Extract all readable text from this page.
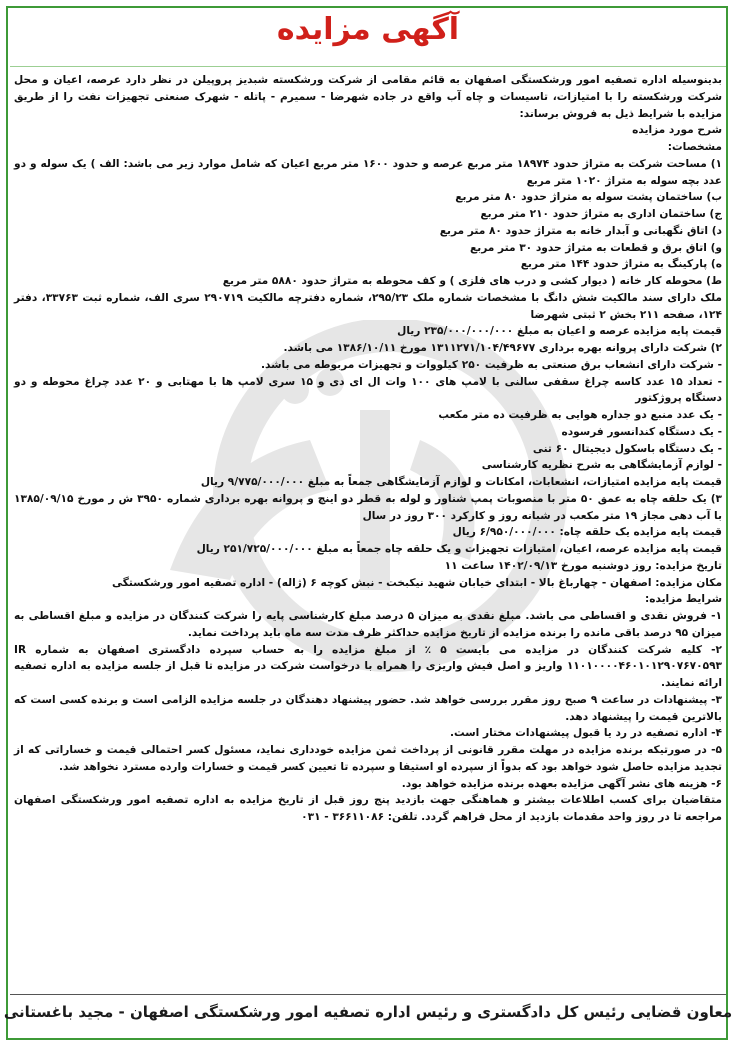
آگهی مزایده

بدینوسیله اداره تصفیه امور ورشکستگی اصفهان به قائم مقامی از شرکت ورشکسته شبدیز پروپیلن در نظر دارد عرصه، اعیان و محل شرکت ورشکسته را با امتیازات، تاسیسات و چاه آب واقع در جاده شهرضا - سمیرم - پاتله - شهرک صنعتی تجهیزات نفت را از طریق مزایده با شرایط ذیل به فروش برساند:

شرح مورد مزایده

مشخصات:

۱) مساحت شرکت به متراژ حدود ۱۸۹۷۴ متر مربع عرصه و حدود ۱۶۰۰ متر مربع اعیان که شامل موارد زیر می باشد: الف ) یک سوله و دو عدد بچه سوله به متراژ ۱۰۲۰ متر مربع

ب) ساختمان پشت سوله به متراژ حدود ۸۰ متر مربع

ج) ساختمان اداری به متراژ حدود ۲۱۰ متر مربع

د) اتاق نگهبانی و آبدار خانه به متراژ حدود ۸۰ متر مربع

و) اتاق برق و قطعات به متراژ حدود ۳۰ متر مربع

ه) پارکینگ به متراژ حدود ۱۴۴ متر مربع

ط) محوطه کار خانه ( دیوار کشی و درب های فلزی ) و کف محوطه به متراژ حدود ۵۸۸۰ متر مربع

ملک دارای سند مالکیت شش دانگ با مشخصات شماره ملک ۲۹۵/۲۳، شماره دفترچه مالکیت ۲۹۰۷۱۹ سری الف، شماره ثبت ۳۳۷۶۳، دفتر ۱۲۴، صفحه ۲۱۱ بخش ۲ ثبتی شهرضا

قیمت پایه مزایده عرصه و اعیان به مبلغ ۲۳۵/۰۰۰/۰۰۰/۰۰۰ ریال

۲) شرکت دارای پروانه بهره برداری ۱۳۱۱۲۷۱/۱۰۴/۴۹۶۷۷ مورخ ۱۳۸۶/۱۰/۱۱ می باشد.

- شرکت دارای انشعاب برق صنعتی به ظرفیت ۲۵۰ کیلووات و تجهیزات مربوطه می باشد.

- تعداد ۱۵ عدد کاسه چراغ سقفی سالنی با لامپ های ۱۰۰ وات ال ای دی و ۱۵ سری لامپ ها با مهتابی و ۲۰ عدد چراغ محوطه و دو دستگاه پروژکتور

- یک عدد منبع دو جداره هوایی به ظرفیت ده متر مکعب

- یک دستگاه کندانسور فرسوده

- یک دستگاه باسکول دیجیتال ۶۰ تنی

- لوازم آزمایشگاهی به شرح نظریه کارشناسی

قیمت پایه مزایده امتیازات، انشعابات، امکانات و لوازم آزمایشگاهی جمعاً به مبلغ ۹/۷۷۵/۰۰۰/۰۰۰ ریال

۳) یک حلقه چاه به عمق ۵۰ متر با منصوبات پمپ شناور و لوله به قطر دو اینچ و پروانه بهره برداری شماره ۳۹۵۰ ش ر مورخ ۱۳۸۵/۰۹/۱۵ با آب دهی مجاز ۱۹ متر مکعب در شبانه روز و کارکرد ۳۰۰ روز در سال

قیمت پایه مزایده یک حلقه چاه: ۶/۹۵۰/۰۰۰/۰۰۰ ریال

قیمت پایه مزایده عرصه، اعیان، امتیازات تجهیزات و یک حلقه چاه جمعاً به مبلغ ۲۵۱/۷۲۵/۰۰۰/۰۰۰ ریال

تاریخ مزایده: روز دوشنبه مورخ ۱۴۰۲/۰۹/۱۳ ساعت ۱۱

مکان مزایده: اصفهان - چهارباغ بالا - ابتدای خیابان شهید نیکبخت - نبش کوچه ۶ (ژاله) - اداره تصفیه امور ورشکستگی

شرایط مزایده:

۱- فروش نقدی و اقساطی می باشد. مبلغ نقدی به میزان ۵ درصد مبلغ کارشناسی پایه را شرکت کنندگان در مزایده و مبلغ اقساطی به میزان ۹۵ درصد باقی مانده را برنده مزایده از تاریخ مزایده حداکثر ظرف مدت سه ماه باید پرداخت نماید.

۲- کلیه شرکت کنندگان در مزایده می بایست ۵ ٪ از مبلغ مزایده را به حساب سپرده دادگستری اصفهان به شماره IR ۱۱۰۱۰۰۰۰۴۶۰۱۰۱۲۹۰۷۶۷۰۵۹۳ واریز و اصل فیش واریزی را همراه با درخواست شرکت در مزایده تا قبل از جلسه مزایده به اداره تصفیه ارائه نمایند.

۳- پیشنهادات در ساعت ۹ صبح روز مقرر بررسی خواهد شد. حضور پیشنهاد دهندگان در جلسه مزایده الزامی است و برنده کسی است که بالاترین قیمت را پیشنهاد دهد.

۴- اداره تصفیه در رد یا قبول پیشنهادات مختار است.

۵- در صورتیکه برنده مزایده در مهلت مقرر قانونی از پرداخت ثمن مزایده خودداری نماید، مسئول کسر احتمالی قیمت و خساراتی که از تجدید مزایده حاصل شود خواهد بود که بدواً از سپرده او استیفا و سپرده تا تعیین کسر قیمت و خسارات وارده مسترد نخواهد شد.

۶- هزینه های نشر آگهی مزایده بعهده برنده مزایده خواهد بود.

متقاضیان برای کسب اطلاعات بیشتر و هماهنگی جهت بازدید پنج روز قبل از تاریخ مزایده به اداره تصفیه امور ورشکستگی اصفهان مراجعه تا در روز واحد مقدمات بازدید از محل فراهم گردد. تلفن: ۳۶۶۱۱۰۸۶ - ۰۳۱

معاون قضایی رئیس کل دادگستری و رئیس اداره تصفیه امور ورشکستگی اصفهان - مجید باغستانی
